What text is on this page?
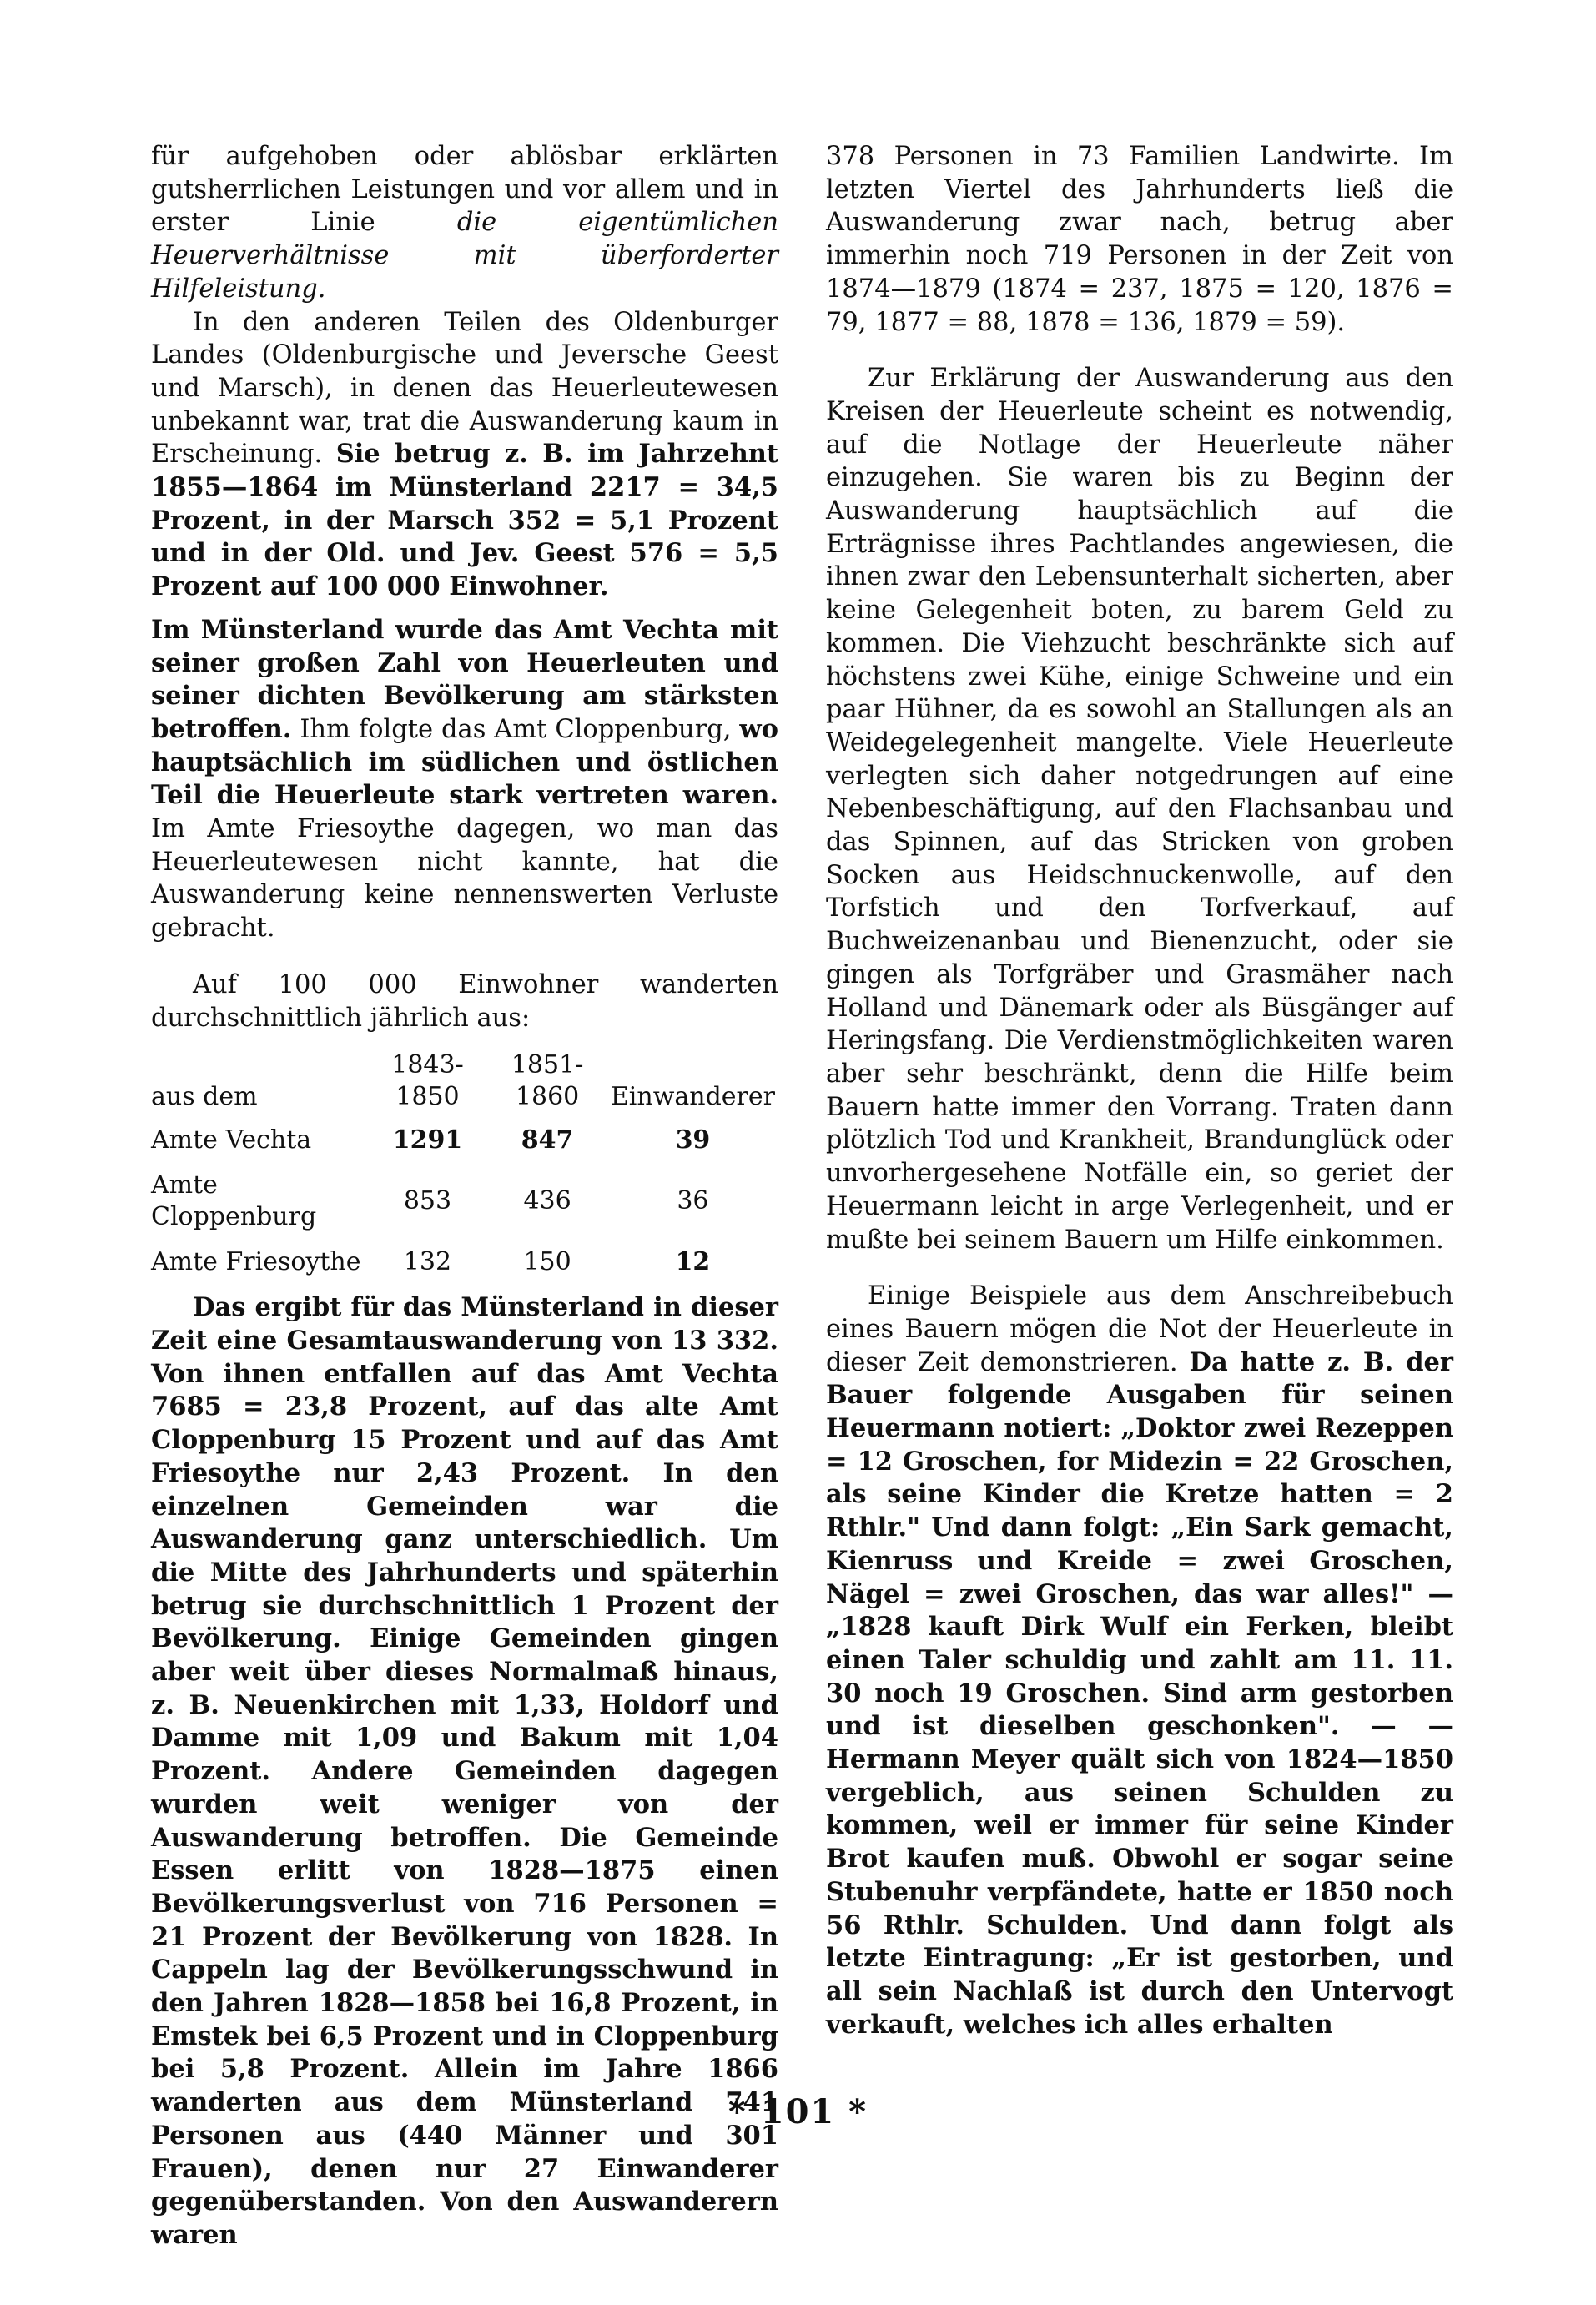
für aufgehoben oder ablösbar erklärten gutsherrlichen Leistungen und vor allem und in erster Linie die eigentümlichen Heuerverhältnisse mit überforderter Hilfeleistung.

In den anderen Teilen des Oldenburger Landes (Oldenburgische und Jeversche Geest und Marsch), in denen das Heuerleutewesen unbekannt war, trat die Auswanderung kaum in Erscheinung. Sie betrug z. B. im Jahrzehnt 1855—1864 im Münsterland 2217 = 34,5 Prozent, in der Marsch 352 = 5,1 Prozent und in der Old. und Jev. Geest 576 = 5,5 Prozent auf 100 000 Einwohner.

Im Münsterland wurde das Amt Vechta mit seiner großen Zahl von Heuerleuten und seiner dichten Bevölkerung am stärksten betroffen. Ihm folgte das Amt Cloppenburg, wo hauptsächlich im südlichen und östlichen Teil die Heuerleute stark vertreten waren. Im Amte Friesoythe dagegen, wo man das Heuerleutewesen nicht kannte, hat die Auswanderung keine nennenswerten Verluste gebracht.

Auf 100 000 Einwohner wanderten durchschnittlich jährlich aus:

aus dem	1843-1850	1851-1860	Einwanderer
Amte Vechta	1291	847	39
Amte Cloppenburg	853	436	36
Amte Friesoythe	132	150	12

Das ergibt für das Münsterland in dieser Zeit eine Gesamtauswanderung von 13 332. Von ihnen entfallen auf das Amt Vechta 7685 = 23,8 Prozent, auf das alte Amt Cloppenburg 15 Prozent und auf das Amt Friesoythe nur 2,43 Prozent. In den einzelnen Gemeinden war die Auswanderung ganz unterschiedlich. Um die Mitte des Jahrhunderts und späterhin betrug sie durchschnittlich 1 Prozent der Bevölkerung. Einige Gemeinden gingen aber weit über dieses Normalmaß hinaus, z. B. Neuenkirchen mit 1,33, Holdorf und Damme mit 1,09 und Bakum mit 1,04 Prozent. Andere Gemeinden dagegen wurden weit weniger von der Auswanderung betroffen. Die Gemeinde Essen erlitt von 1828—1875 einen Bevölkerungsverlust von 716 Personen = 21 Prozent der Bevölkerung von 1828. In Cappeln lag der Bevölkerungsschwund in den Jahren 1828—1858 bei 16,8 Prozent, in Emstek bei 6,5 Prozent und in Cloppenburg bei 5,8 Prozent. Allein im Jahre 1866 wanderten aus dem Münsterland 741 Personen aus (440 Männer und 301 Frauen), denen nur 27 Einwanderer gegenüberstanden. Von den Auswanderern waren

378 Personen in 73 Familien Landwirte. Im letzten Viertel des Jahrhunderts ließ die Auswanderung zwar nach, betrug aber immerhin noch 719 Personen in der Zeit von 1874—1879 (1874 = 237, 1875 = 120, 1876 = 79, 1877 = 88, 1878 = 136, 1879 = 59).

Zur Erklärung der Auswanderung aus den Kreisen der Heuerleute scheint es notwendig, auf die Notlage der Heuerleute näher einzugehen. Sie waren bis zu Beginn der Auswanderung hauptsächlich auf die Erträgnisse ihres Pachtlandes angewiesen, die ihnen zwar den Lebensunterhalt sicherten, aber keine Gelegenheit boten, zu barem Geld zu kommen. Die Viehzucht beschränkte sich auf höchstens zwei Kühe, einige Schweine und ein paar Hühner, da es sowohl an Stallungen als an Weidegelegenheit mangelte. Viele Heuerleute verlegten sich daher notgedrungen auf eine Nebenbeschäftigung, auf den Flachsanbau und das Spinnen, auf das Stricken von groben Socken aus Heidschnuckenwolle, auf den Torfstich und den Torfverkauf, auf Buchweizenanbau und Bienenzucht, oder sie gingen als Torfgräber und Grasmäher nach Holland und Dänemark oder als Büsgänger auf Heringsfang. Die Verdienstmöglichkeiten waren aber sehr beschränkt, denn die Hilfe beim Bauern hatte immer den Vorrang. Traten dann plötzlich Tod und Krankheit, Brandunglück oder unvorhergesehene Notfälle ein, so geriet der Heuermann leicht in arge Verlegenheit, und er mußte bei seinem Bauern um Hilfe einkommen.

Einige Beispiele aus dem Anschreibebuch eines Bauern mögen die Not der Heuerleute in dieser Zeit demonstrieren. Da hatte z. B. der Bauer folgende Ausgaben für seinen Heuermann notiert: „Doktor zwei Rezeppen = 12 Groschen, for Midezin = 22 Groschen, als seine Kinder die Kretze hatten = 2 Rthlr." Und dann folgt: „Ein Sark gemacht, Kienruss und Kreide = zwei Groschen, Nägel = zwei Groschen, das war alles!" — „1828 kauft Dirk Wulf ein Ferken, bleibt einen Taler schuldig und zahlt am 11. 11. 30 noch 19 Groschen. Sind arm gestorben und ist dieselben geschonken". — — Hermann Meyer quält sich von 1824—1850 vergeblich, aus seinen Schulden zu kommen, weil er immer für seine Kinder Brot kaufen muß. Obwohl er sogar seine Stubenuhr verpfändete, hatte er 1850 noch 56 Rthlr. Schulden. Und dann folgt als letzte Eintragung: „Er ist gestorben, und all sein Nachlaß ist durch den Untervogt verkauft, welches ich alles erhalten

* 101 *
